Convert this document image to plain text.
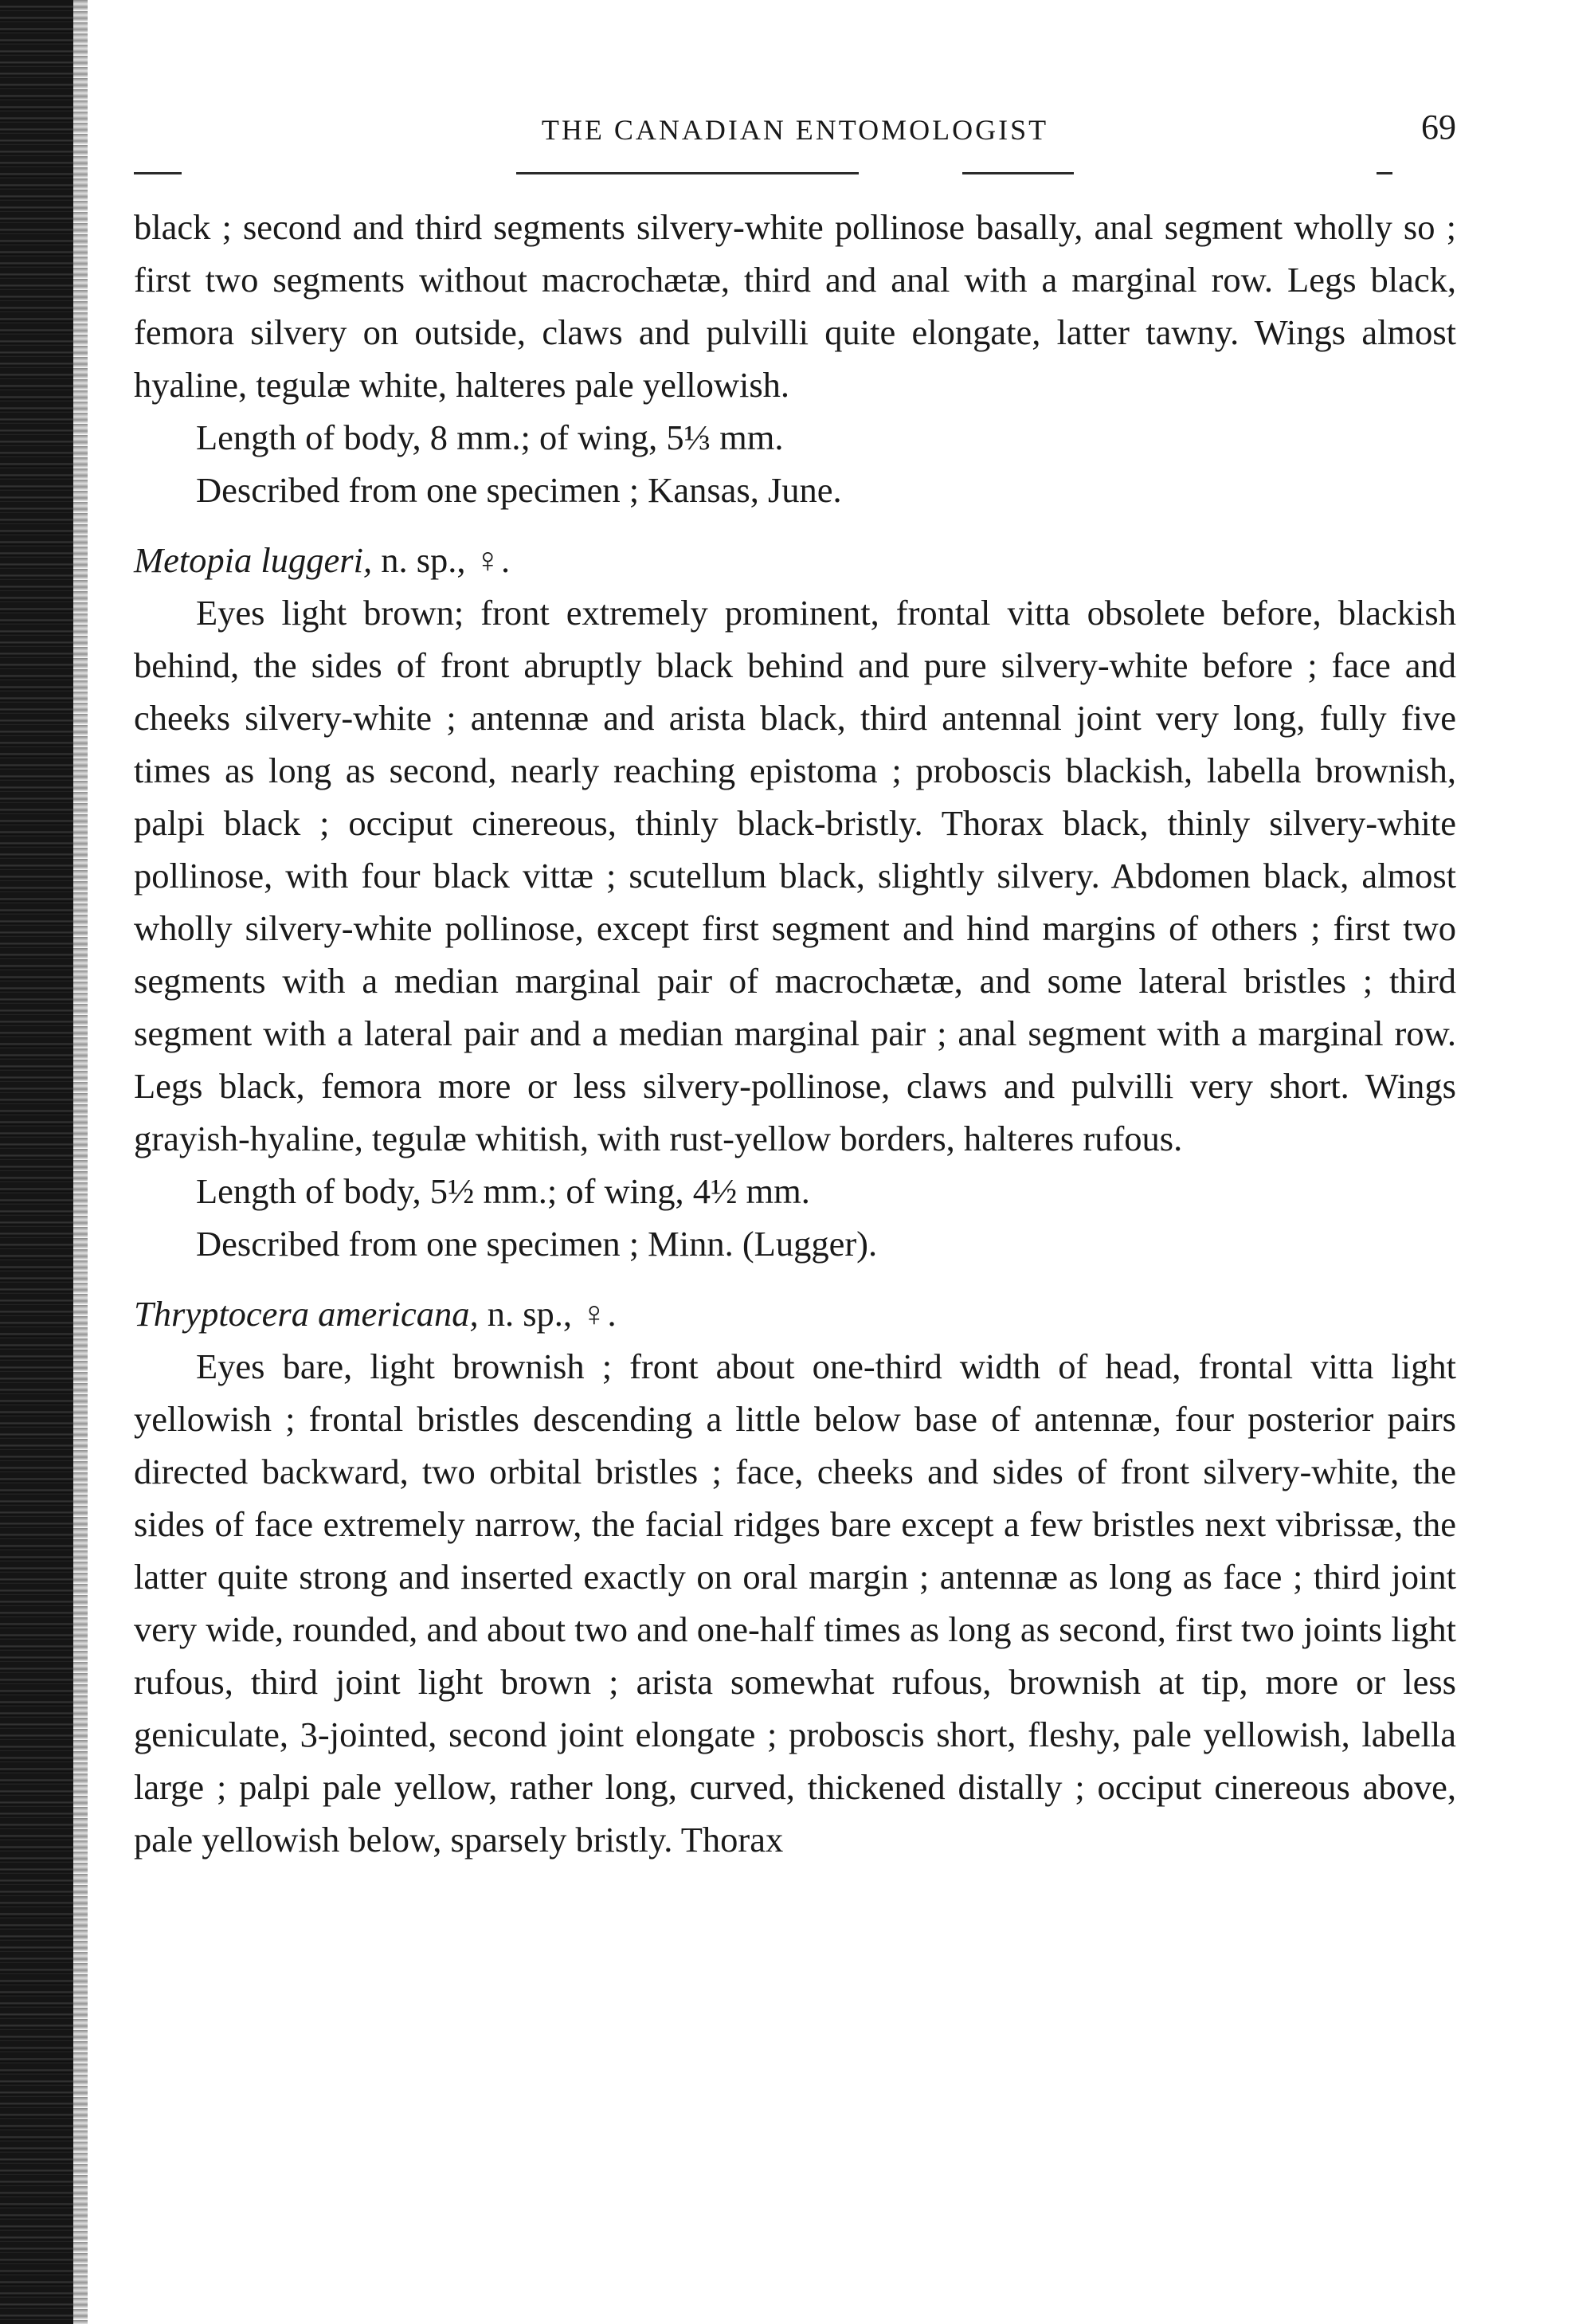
THE CANADIAN ENTOMOLOGIST	69

black ; second and third segments silvery-white pollinose basally, anal segment wholly so ; first two segments without macrochætæ, third and anal with a marginal row. Legs black, femora silvery on outside, claws and pulvilli quite elongate, latter tawny. Wings almost hyaline, tegulæ white, halteres pale yellowish.

Length of body, 8 mm.; of wing, 5⅓ mm.

Described from one specimen ; Kansas, June.

Metopia luggeri, n. sp., ♀.

Eyes light brown; front extremely prominent, frontal vitta obsolete before, blackish behind, the sides of front abruptly black behind and pure silvery-white before ; face and cheeks silvery-white ; antennæ and arista black, third antennal joint very long, fully five times as long as second, nearly reaching epistoma ; proboscis blackish, labella brownish, palpi black ; occiput cinereous, thinly black-bristly. Thorax black, thinly silvery-white pollinose, with four black vittæ ; scutellum black, slightly silvery. Abdomen black, almost wholly silvery-white pollinose, except first segment and hind margins of others ; first two segments with a median marginal pair of macrochætæ, and some lateral bristles ; third segment with a lateral pair and a median marginal pair ; anal segment with a marginal row. Legs black, femora more or less silvery-pollinose, claws and pulvilli very short. Wings grayish-hyaline, tegulæ whitish, with rust-yellow borders, halteres rufous.

Length of body, 5½ mm.; of wing, 4½ mm.

Described from one specimen ; Minn. (Lugger).

Thryptocera americana, n. sp., ♀.

Eyes bare, light brownish ; front about one-third width of head, frontal vitta light yellowish ; frontal bristles descending a little below base of antennæ, four posterior pairs directed backward, two orbital bristles ; face, cheeks and sides of front silvery-white, the sides of face extremely narrow, the facial ridges bare except a few bristles next vibrissæ, the latter quite strong and inserted exactly on oral margin ; antennæ as long as face ; third joint very wide, rounded, and about two and one-half times as long as second, first two joints light rufous, third joint light brown ; arista somewhat rufous, brownish at tip, more or less geniculate, 3-jointed, second joint elongate ; proboscis short, fleshy, pale yellowish, labella large ; palpi pale yellow, rather long, curved, thickened distally ; occiput cinereous above, pale yellowish below, sparsely bristly. Thorax
